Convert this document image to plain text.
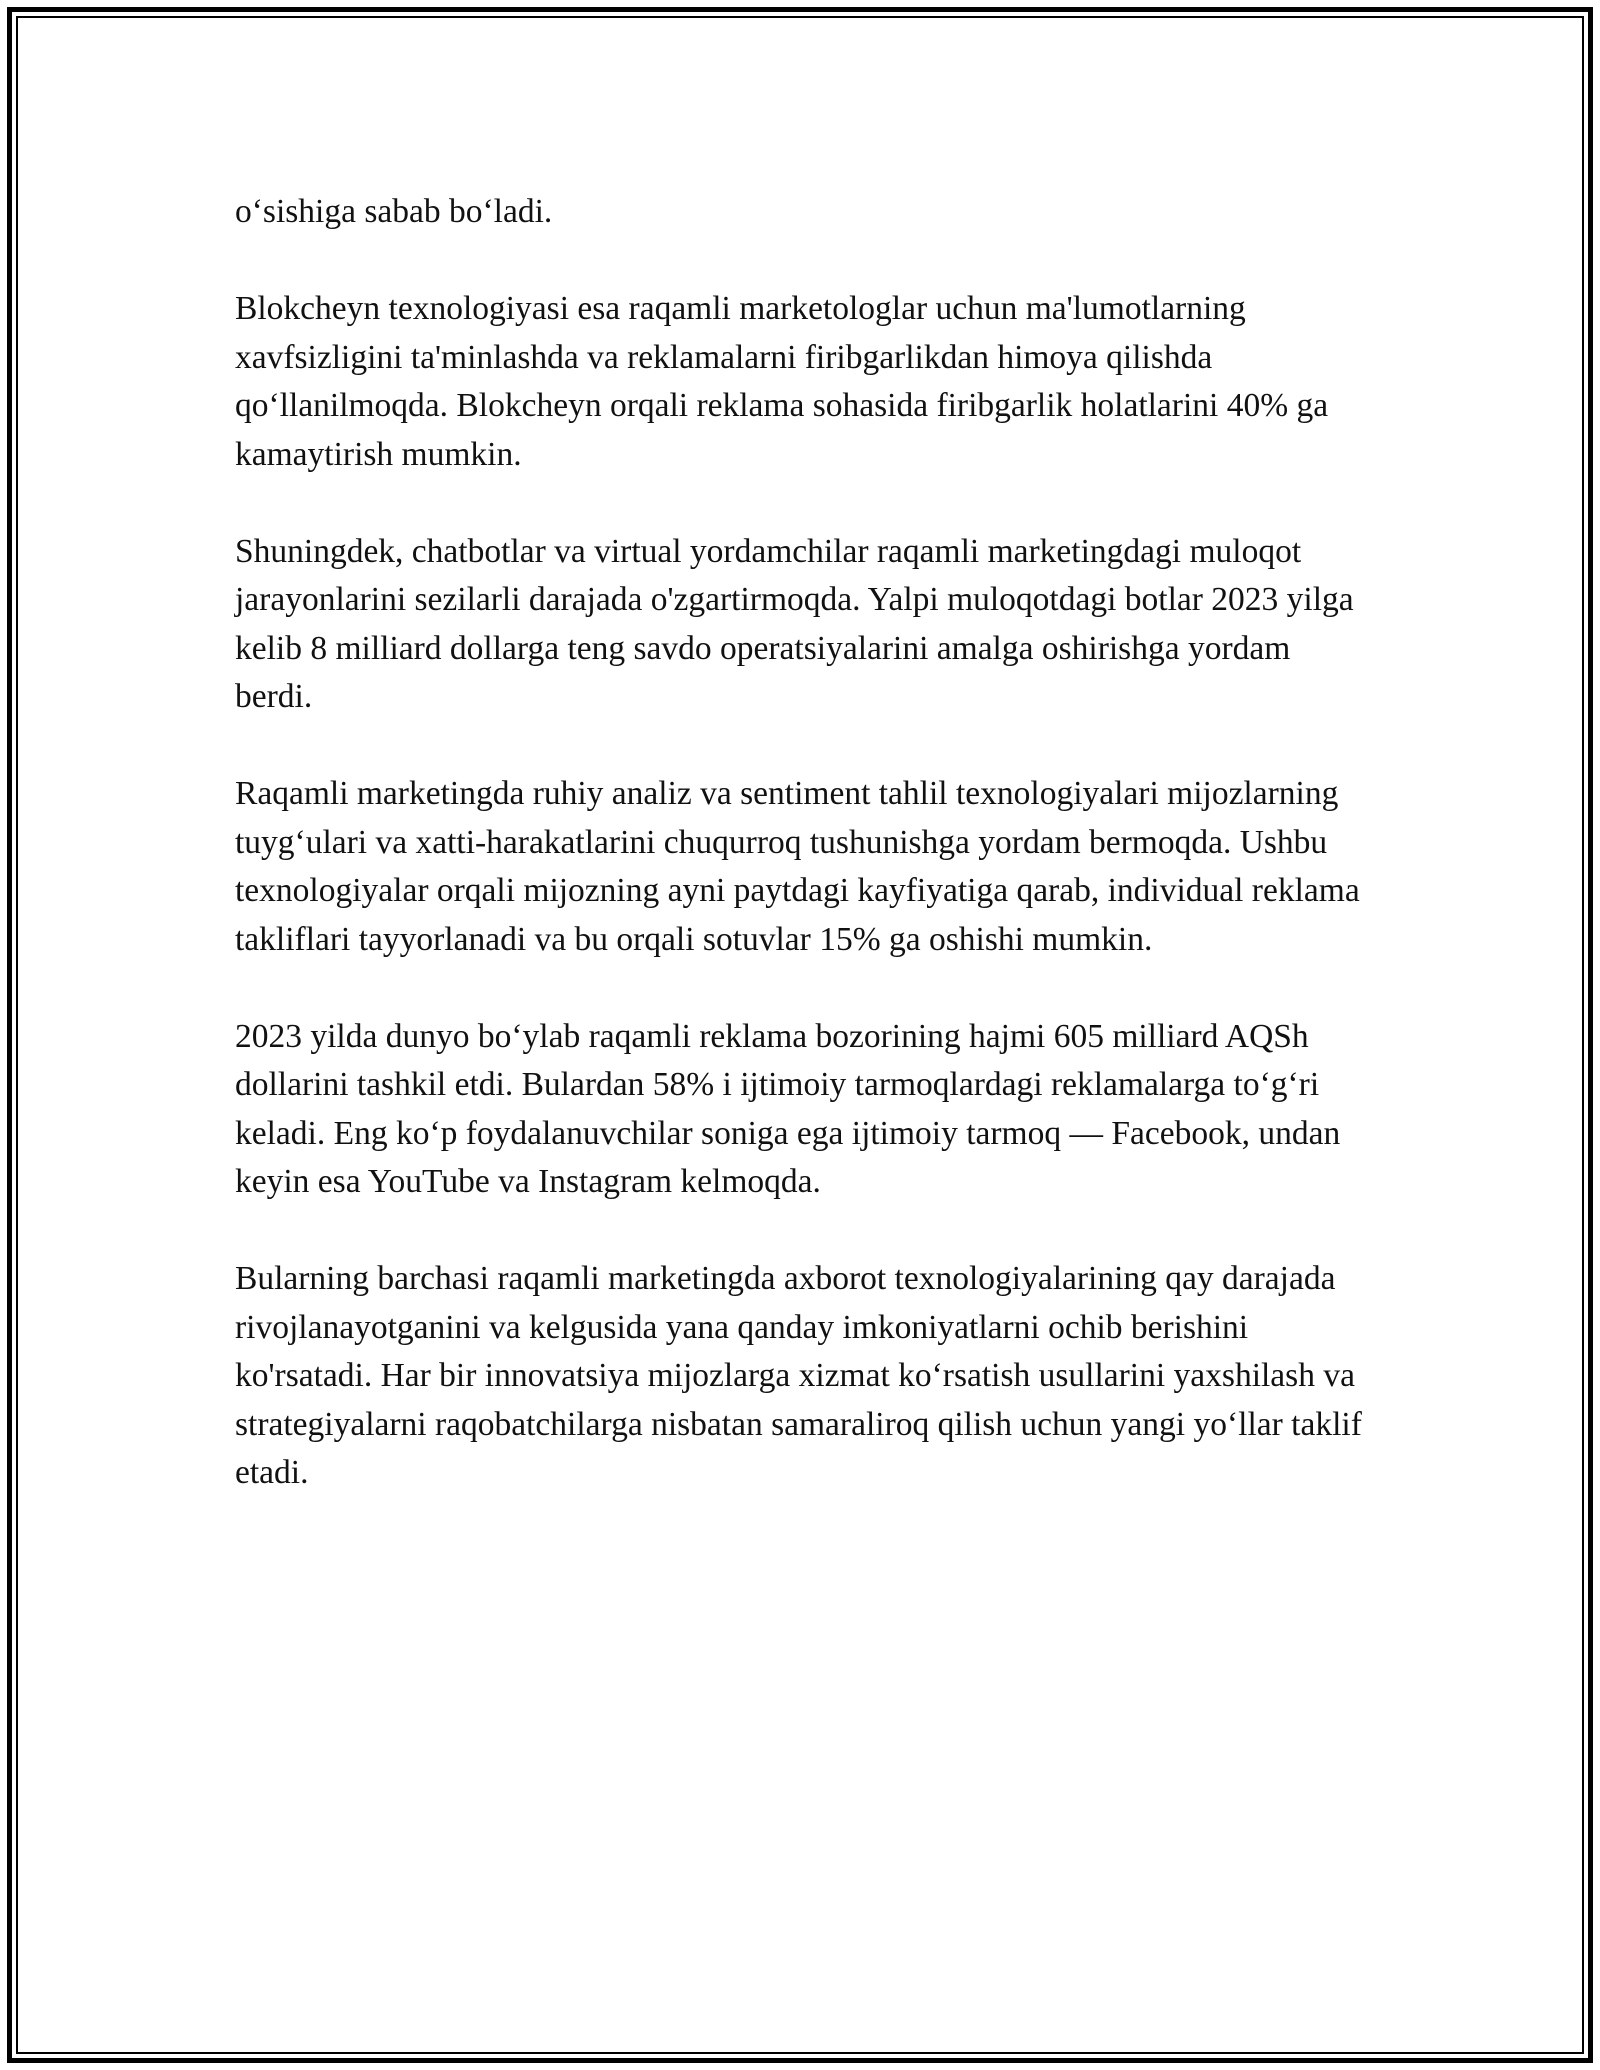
o‘sishiga sabab bo‘ladi.

Blokcheyn texnologiyasi esa raqamli marketologlar uchun ma'lumotlarning xavfsizligini ta'minlashda va reklamalarni firibgarlikdan himoya qilishda qo‘llanilmoqda. Blokcheyn orqali reklama sohasida firibgarlik holatlarini 40% ga kamaytirish mumkin.

Shuningdek, chatbotlar va virtual yordamchilar raqamli marketingdagi muloqot jarayonlarini sezilarli darajada o'zgartirmoqda. Yalpi muloqotdagi botlar 2023 yilga kelib 8 milliard dollarga teng savdo operatsiyalarini amalga oshirishga yordam berdi.

Raqamli marketingda ruhiy analiz va sentiment tahlil texnologiyalari mijozlarning tuyg‘ulari va xatti-harakatlarini chuqurroq tushunishga yordam bermoqda. Ushbu texnologiyalar orqali mijozning ayni paytdagi kayfiyatiga qarab, individual reklama takliflari tayyorlanadi va bu orqali sotuvlar 15% ga oshishi mumkin.

2023 yilda dunyo bo‘ylab raqamli reklama bozorining hajmi 605 milliard AQSh dollarini tashkil etdi. Bulardan 58% i ijtimoiy tarmoqlardagi reklamalarga to‘g‘ri keladi. Eng ko‘p foydalanuvchilar soniga ega ijtimoiy tarmoq — Facebook, undan keyin esa YouTube va Instagram kelmoqda.

Bularning barchasi raqamli marketingda axborot texnologiyalarining qay darajada rivojlanayotganini va kelgusida yana qanday imkoniyatlarni ochib berishini ko'rsatadi. Har bir innovatsiya mijozlarga xizmat ko‘rsatish usullarini yaxshilash va strategiyalarni raqobatchilarga nisbatan samaraliroq qilish uchun yangi yo‘llar taklif etadi.
